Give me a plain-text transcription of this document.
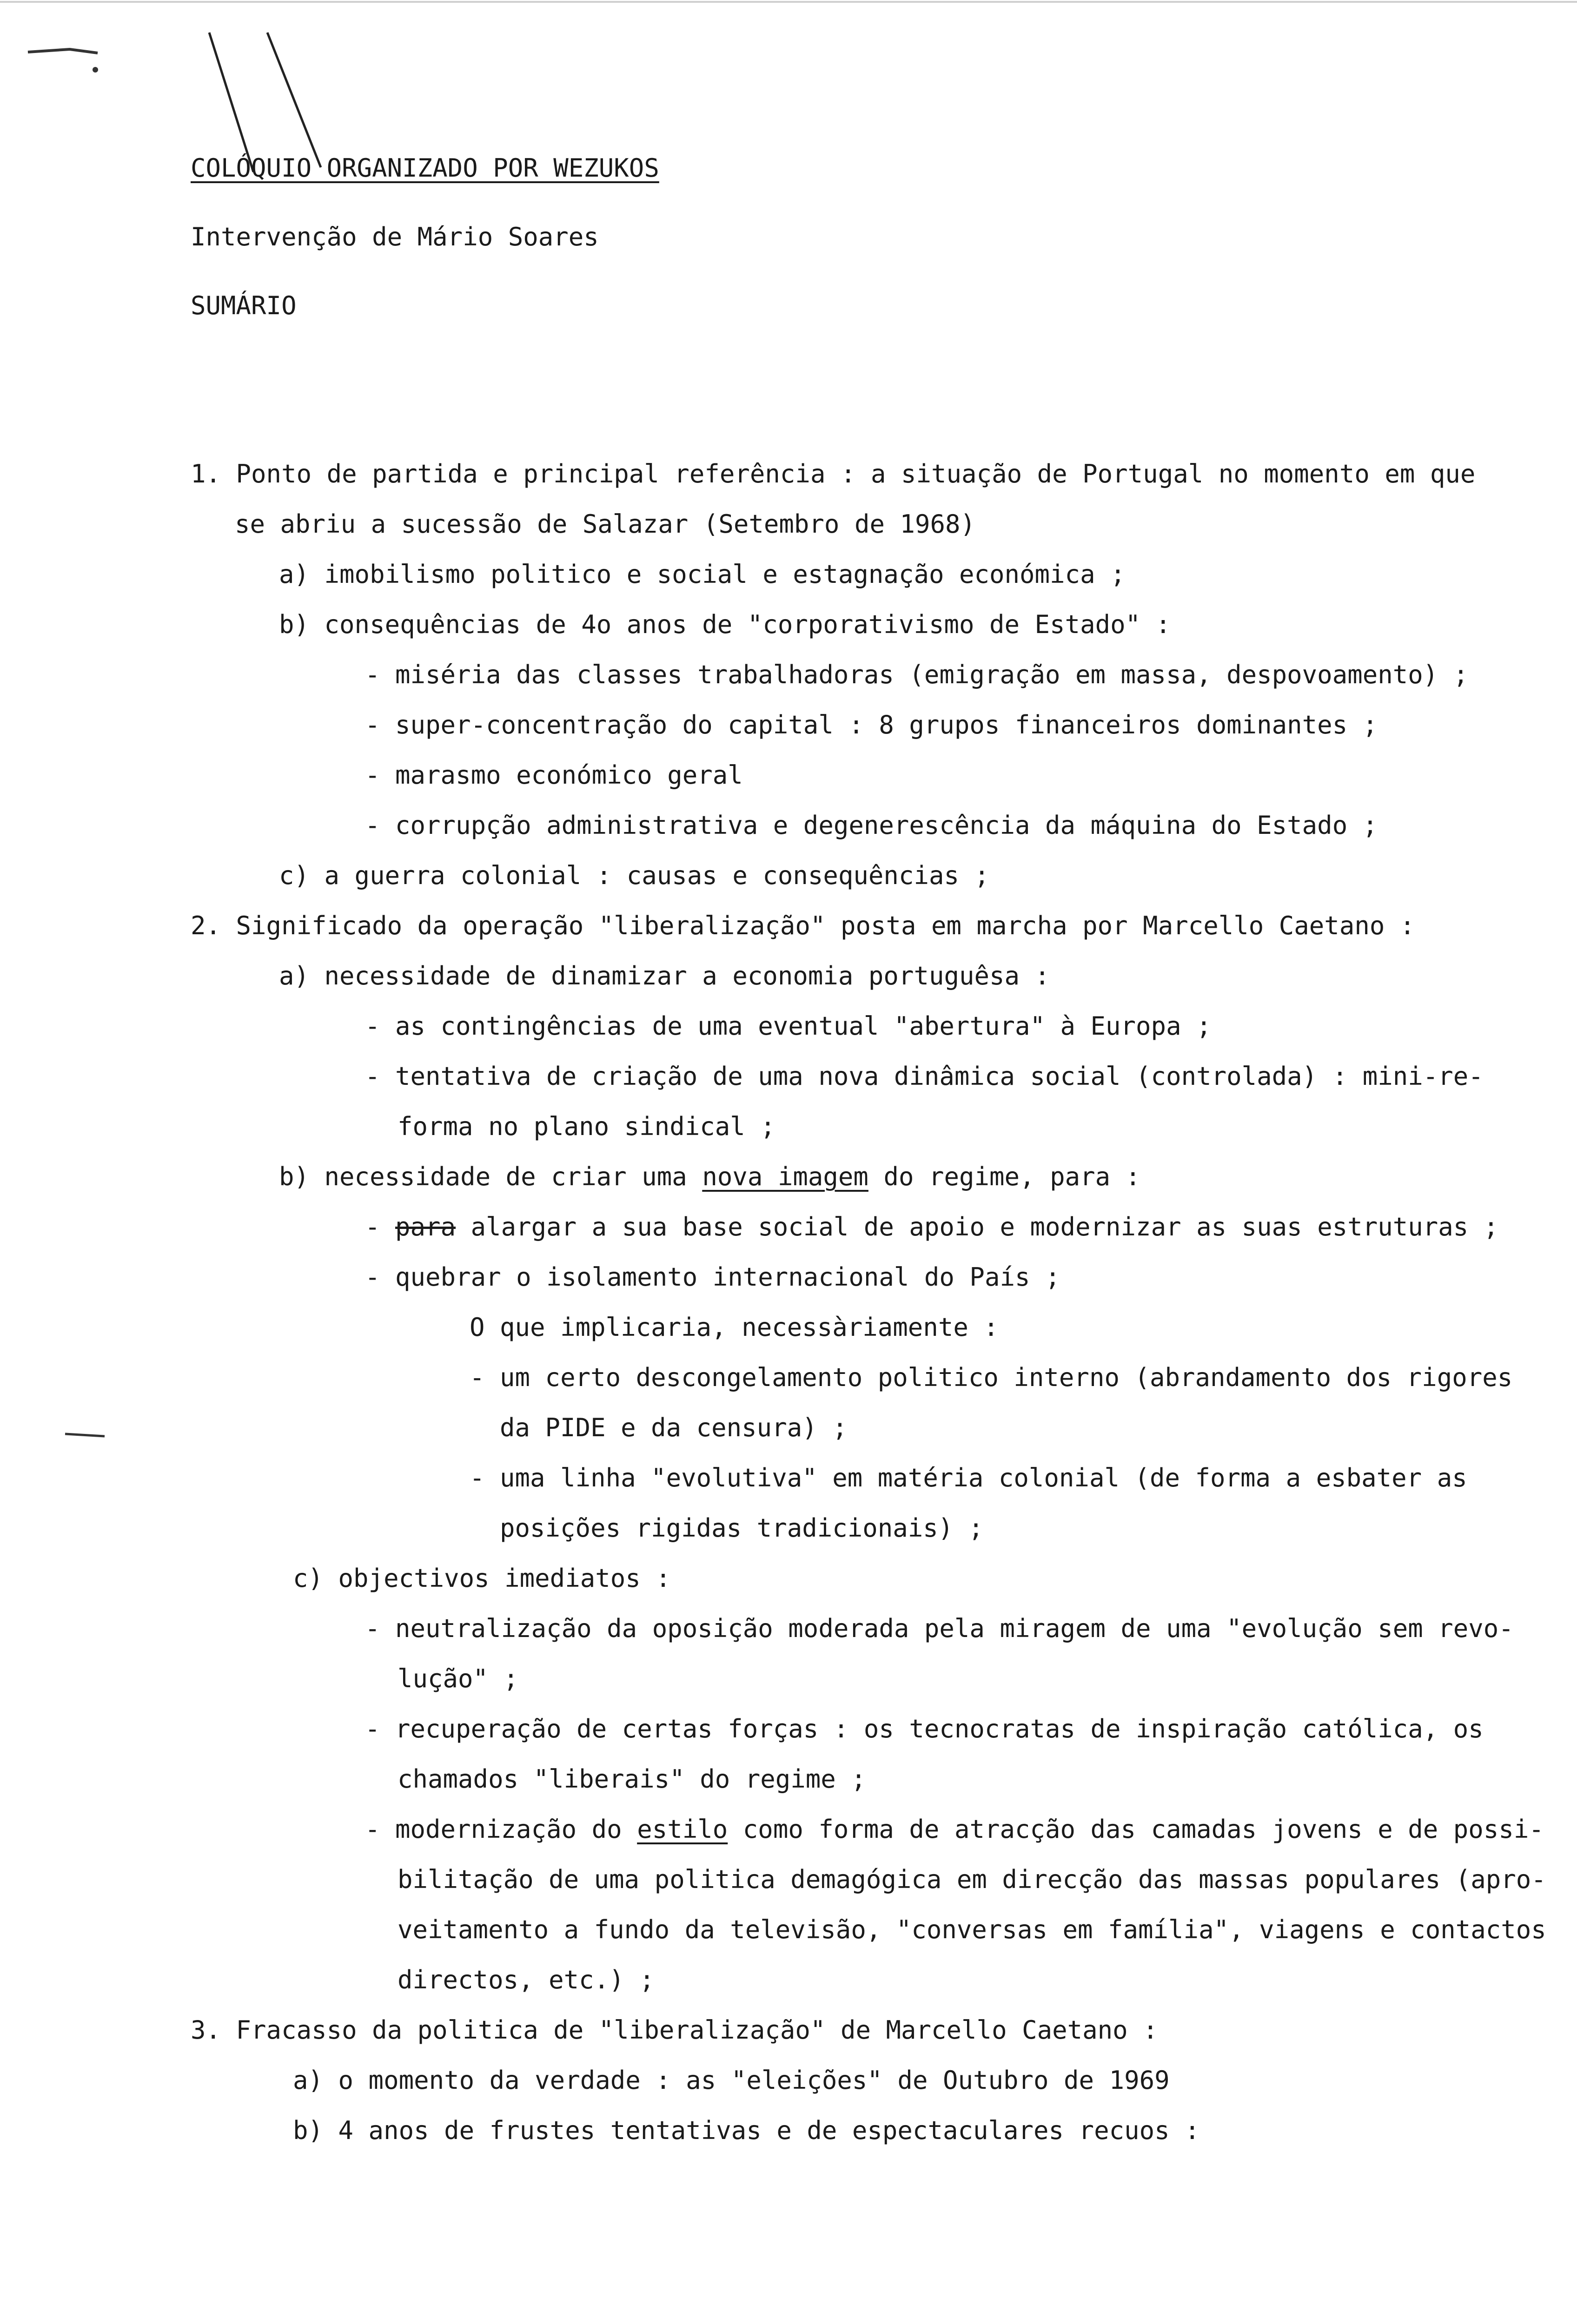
COLÓQUIO ORGANIZADO POR WEZUKOS
Intervenção de Mário Soares
SUMÁRIO
1. Ponto de partida e principal referência : a situação de Portugal no momento em que
se abriu a sucessão de Salazar (Setembro de 1968)
a) imobilismo politico e social e estagnação económica ;
b) consequências de 4o anos de "corporativismo de Estado" :
- miséria das classes trabalhadoras (emigração em massa, despovoamento) ;
- super-concentração do capital : 8 grupos financeiros dominantes ;
- marasmo económico geral
- corrupção administrativa e degenerescência da máquina do Estado ;
c) a guerra colonial : causas e consequências ;
2. Significado da operação "liberalização" posta em marcha por Marcello Caetano :
a) necessidade de dinamizar a economia portuguêsa :
- as contingências de uma eventual "abertura" à Europa ;
- tentativa de criação de uma nova dinâmica social (controlada) : mini-re-
forma no plano sindical ;
b) necessidade de criar uma nova imagem do regime, para :
- para alargar a sua base social de apoio e modernizar as suas estruturas ;
- quebrar o isolamento internacional do País ;
O que implicaria, necessàriamente :
- um certo descongelamento politico interno (abrandamento dos rigores
da PIDE e da censura) ;
- uma linha "evolutiva" em matéria colonial (de forma a esbater as
posições rigidas tradicionais) ;
c) objectivos imediatos :
- neutralização da oposição moderada pela miragem de uma "evolução sem revo-
lução" ;
- recuperação de certas forças : os tecnocratas de inspiração católica, os
chamados "liberais" do regime ;
- modernização do estilo como forma de atracção das camadas jovens e de possi-
bilitação de uma politica demagógica em direcção das massas populares (apro-
veitamento a fundo da televisão, "conversas em família", viagens e contactos
directos, etc.) ;
3. Fracasso da politica de "liberalização" de Marcello Caetano :
a) o momento da verdade : as "eleições" de Outubro de 1969
b) 4 anos de frustes tentativas e de espectaculares recuos :
